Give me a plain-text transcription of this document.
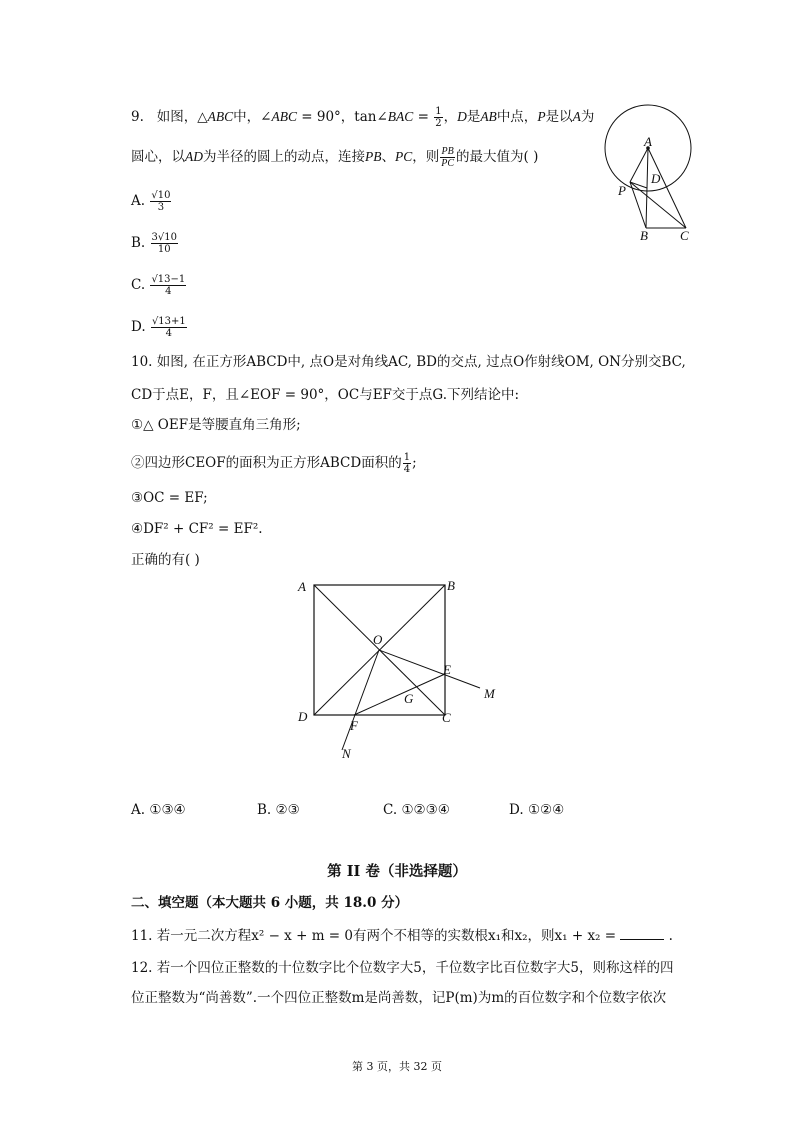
9. 如图，△ABC中，∠ABC = 90°，tan∠BAC = $\frac{1}{2}$ ，D是AB中点，P是以A为
圆心，以AD为半径的圆上的动点，连接PB、PC，则 $\frac{PB}{PC}$ 的最大值为( )
A. $\frac{√10}{3}$
B. $\frac{3√10}{10}$
C. $\frac{√13-1}{4}$
D. $\frac{√13+1}{4}$
A
D
P
B C
10. 如图, 在正方形ABCD中, 点O是对角线AC, BD的交点, 过点O作射线OM, ON分别交BC,
CD于点E，F，且∠EOF = 90°，OC与EF交于点G.下列结论中:
①△ OEF是等腰直角三角形;
②四边形CEOF的面积为正方形ABCD面积的 $\frac{1}{4}$ ;
③OC = EF;
④DF² + CF² = EF².
正确的有( )
A	B
O
E
M
G
D	C
F
N
A. ①③④	B. ②③	C. ①②③④	D. ①②④
第 II 卷（非选择题）
二、填空题（本大题共 6 小题，共 18.0 分）
11. 若一元二次方程x² − x + m = 0有两个不相等的实数根x₁和x₂，则x₁ + x₂ =	.
12. 若一个四位正整数的十位数字比个位数字大5，千位数字比百位数字大5，则称这样的四
位正整数为“尚善数”.一个四位正整数m是尚善数，记P(m)为m的百位数字和个位数字依次
第 3 页，共 32 页
